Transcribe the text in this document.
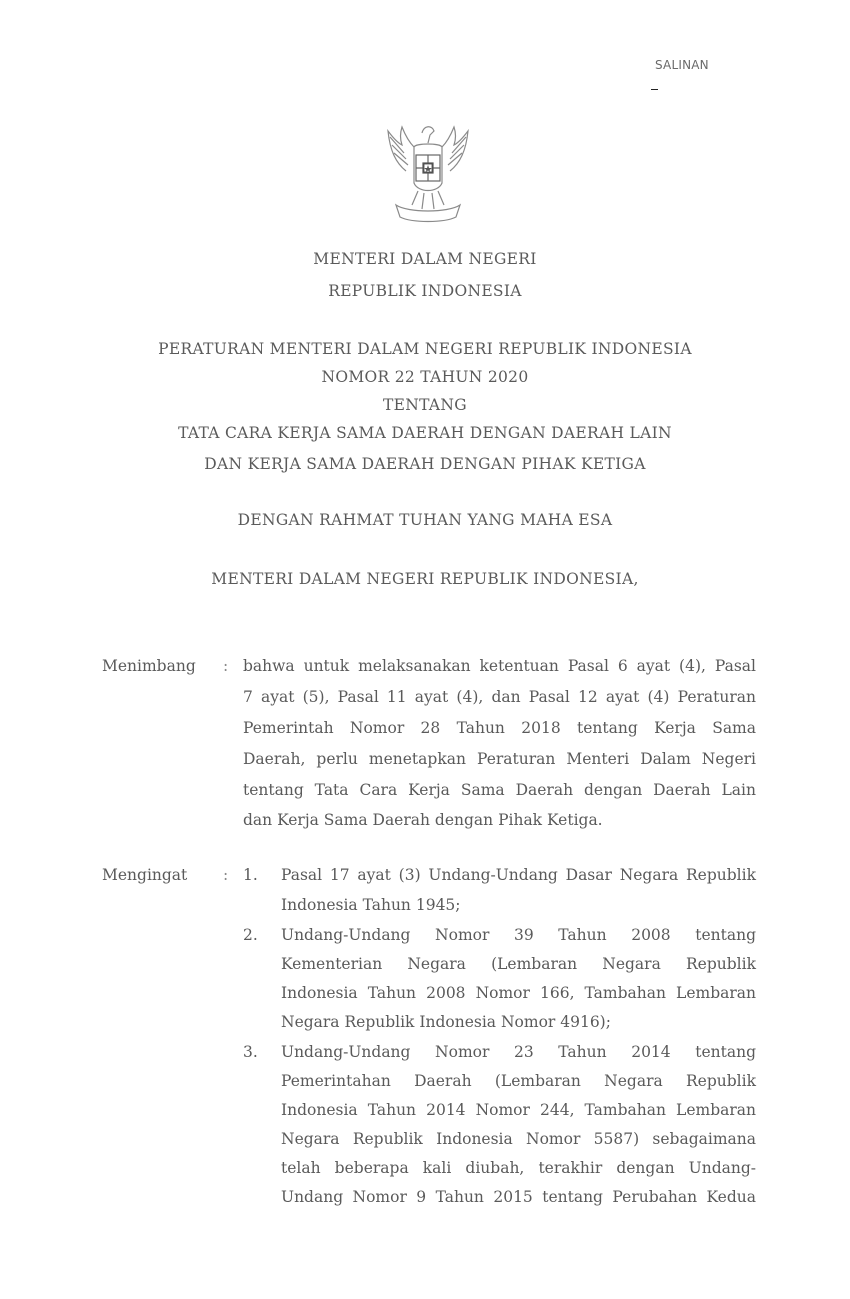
SALINAN
MENTERI DALAM NEGERI
REPUBLIK INDONESIA
PERATURAN MENTERI DALAM NEGERI REPUBLIK INDONESIA
NOMOR 22 TAHUN 2020
TENTANG
TATA CARA KERJA SAMA DAERAH DENGAN DAERAH LAIN
DAN KERJA SAMA DAERAH DENGAN PIHAK KETIGA
DENGAN RAHMAT TUHAN YANG MAHA ESA
MENTERI DALAM NEGERI REPUBLIK INDONESIA,
Menimbang : bahwa untuk melaksanakan ketentuan Pasal 6 ayat (4), Pasal
7 ayat (5), Pasal 11 ayat (4), dan Pasal 12 ayat (4) Peraturan
Pemerintah Nomor 28 Tahun 2018 tentang Kerja Sama
Daerah, perlu menetapkan Peraturan Menteri Dalam Negeri
tentang Tata Cara Kerja Sama Daerah dengan Daerah Lain
dan Kerja Sama Daerah dengan Pihak Ketiga.
Mengingat : 1. Pasal 17 ayat (3) Undang-Undang Dasar Negara Republik
Indonesia Tahun 1945;
2. Undang-Undang Nomor 39 Tahun 2008 tentang
Kementerian Negara (Lembaran Negara Republik
Indonesia Tahun 2008 Nomor 166, Tambahan Lembaran
Negara Republik Indonesia Nomor 4916);
3. Undang-Undang Nomor 23 Tahun 2014 tentang
Pemerintahan Daerah (Lembaran Negara Republik
Indonesia Tahun 2014 Nomor 244, Tambahan Lembaran
Negara Republik Indonesia Nomor 5587) sebagaimana
telah beberapa kali diubah, terakhir dengan Undang-
Undang Nomor 9 Tahun 2015 tentang Perubahan Kedua
